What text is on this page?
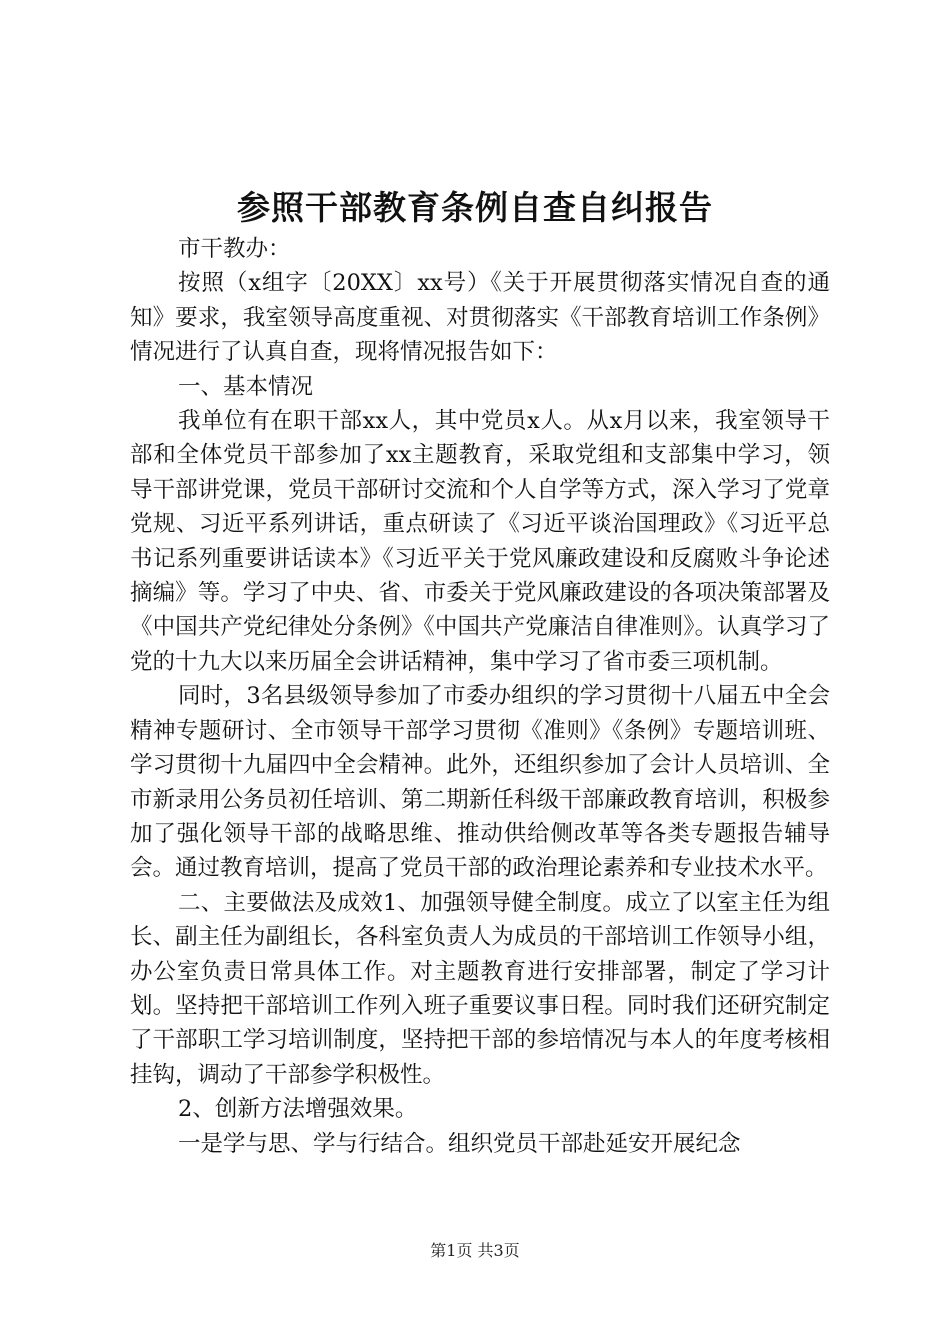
参照干部教育条例自查自纠报告

市干教办：

按照（x组字〔20XX〕xx号）《关于开展贯彻落实情况自查的通知》要求，我室领导高度重视、对贯彻落实《干部教育培训工作条例》情况进行了认真自查，现将情况报告如下：

一、基本情况

我单位有在职干部xx人，其中党员x人。从x月以来，我室领导干部和全体党员干部参加了xx主题教育，采取党组和支部集中学习，领导干部讲党课，党员干部研讨交流和个人自学等方式，深入学习了党章党规、习近平系列讲话，重点研读了《习近平谈治国理政》《习近平总书记系列重要讲话读本》《习近平关于党风廉政建设和反腐败斗争论述摘编》等。学习了中央、省、市委关于党风廉政建设的各项决策部署及《中国共产党纪律处分条例》《中国共产党廉洁自律准则》。认真学习了党的十九大以来历届全会讲话精神，集中学习了省市委三项机制。

同时，3名县级领导参加了市委办组织的学习贯彻十八届五中全会精神专题研讨、全市领导干部学习贯彻《准则》《条例》专题培训班、学习贯彻十九届四中全会精神。此外，还组织参加了会计人员培训、全市新录用公务员初任培训、第二期新任科级干部廉政教育培训，积极参加了强化领导干部的战略思维、推动供给侧改革等各类专题报告辅导会。通过教育培训，提高了党员干部的政治理论素养和专业技术水平。

二、主要做法及成效1、加强领导健全制度。成立了以室主任为组长、副主任为副组长，各科室负责人为成员的干部培训工作领导小组，办公室负责日常具体工作。对主题教育进行安排部署，制定了学习计划。坚持把干部培训工作列入班子重要议事日程。同时我们还研究制定了干部职工学习培训制度，坚持把干部的参培情况与本人的年度考核相挂钩，调动了干部参学积极性。

2、创新方法增强效果。

一是学与思、学与行结合。组织党员干部赴延安开展纪念

第1页 共3页
